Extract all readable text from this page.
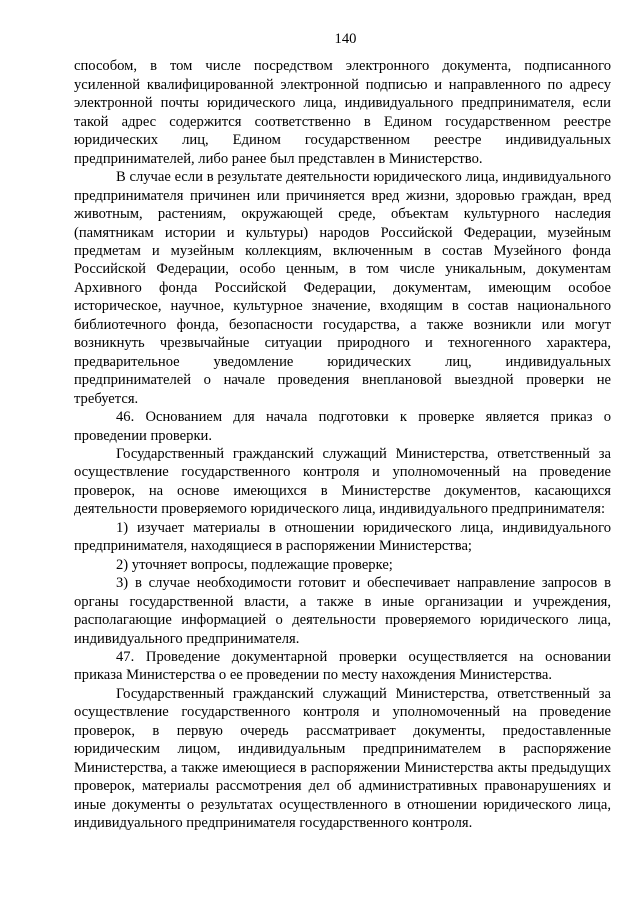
140

способом, в том числе посредством электронного документа, подписанного усиленной квалифицированной электронной подписью и направленного по адресу электронной почты юридического лица, индивидуального предпринимателя, если такой адрес содержится соответственно в Едином государственном реестре юридических лиц, Едином государственном реестре индивидуальных предпринимателей, либо ранее был представлен в Министерство.

В случае если в результате деятельности юридического лица, индивидуального предпринимателя причинен или причиняется вред жизни, здоровью граждан, вред животным, растениям, окружающей среде, объектам культурного наследия (памятникам истории и культуры) народов Российской Федерации, музейным предметам и музейным коллекциям, включенным в состав Музейного фонда Российской Федерации, особо ценным, в том числе уникальным, документам Архивного фонда Российской Федерации, документам, имеющим особое историческое, научное, культурное значение, входящим в состав национального библиотечного фонда, безопасности государства, а также возникли или могут возникнуть чрезвычайные ситуации природного и техногенного характера, предварительное уведомление юридических лиц, индивидуальных предпринимателей о начале проведения внеплановой выездной проверки не требуется.

46. Основанием для начала подготовки к проверке является приказ о проведении проверки.

Государственный гражданский служащий Министерства, ответственный за осуществление государственного контроля и уполномоченный на проведение проверок, на основе имеющихся в Министерстве документов, касающихся деятельности проверяемого юридического лица, индивидуального предпринимателя:

1) изучает материалы в отношении юридического лица, индивидуального предпринимателя, находящиеся в распоряжении Министерства;

2) уточняет вопросы, подлежащие проверке;

3) в случае необходимости готовит и обеспечивает направление запросов в органы государственной власти, а также в иные организации и учреждения, располагающие информацией о деятельности проверяемого юридического лица, индивидуального предпринимателя.

47. Проведение документарной проверки осуществляется на основании приказа Министерства о ее проведении по месту нахождения Министерства.

Государственный гражданский служащий Министерства, ответственный за осуществление государственного контроля и уполномоченный на проведение проверок, в первую очередь рассматривает документы, предоставленные юридическим лицом, индивидуальным предпринимателем в распоряжение Министерства, а также имеющиеся в распоряжении Министерства акты предыдущих проверок, материалы рассмотрения дел об административных правонарушениях и иные документы о результатах осуществленного в отношении юридического лица, индивидуального предпринимателя государственного контроля.
